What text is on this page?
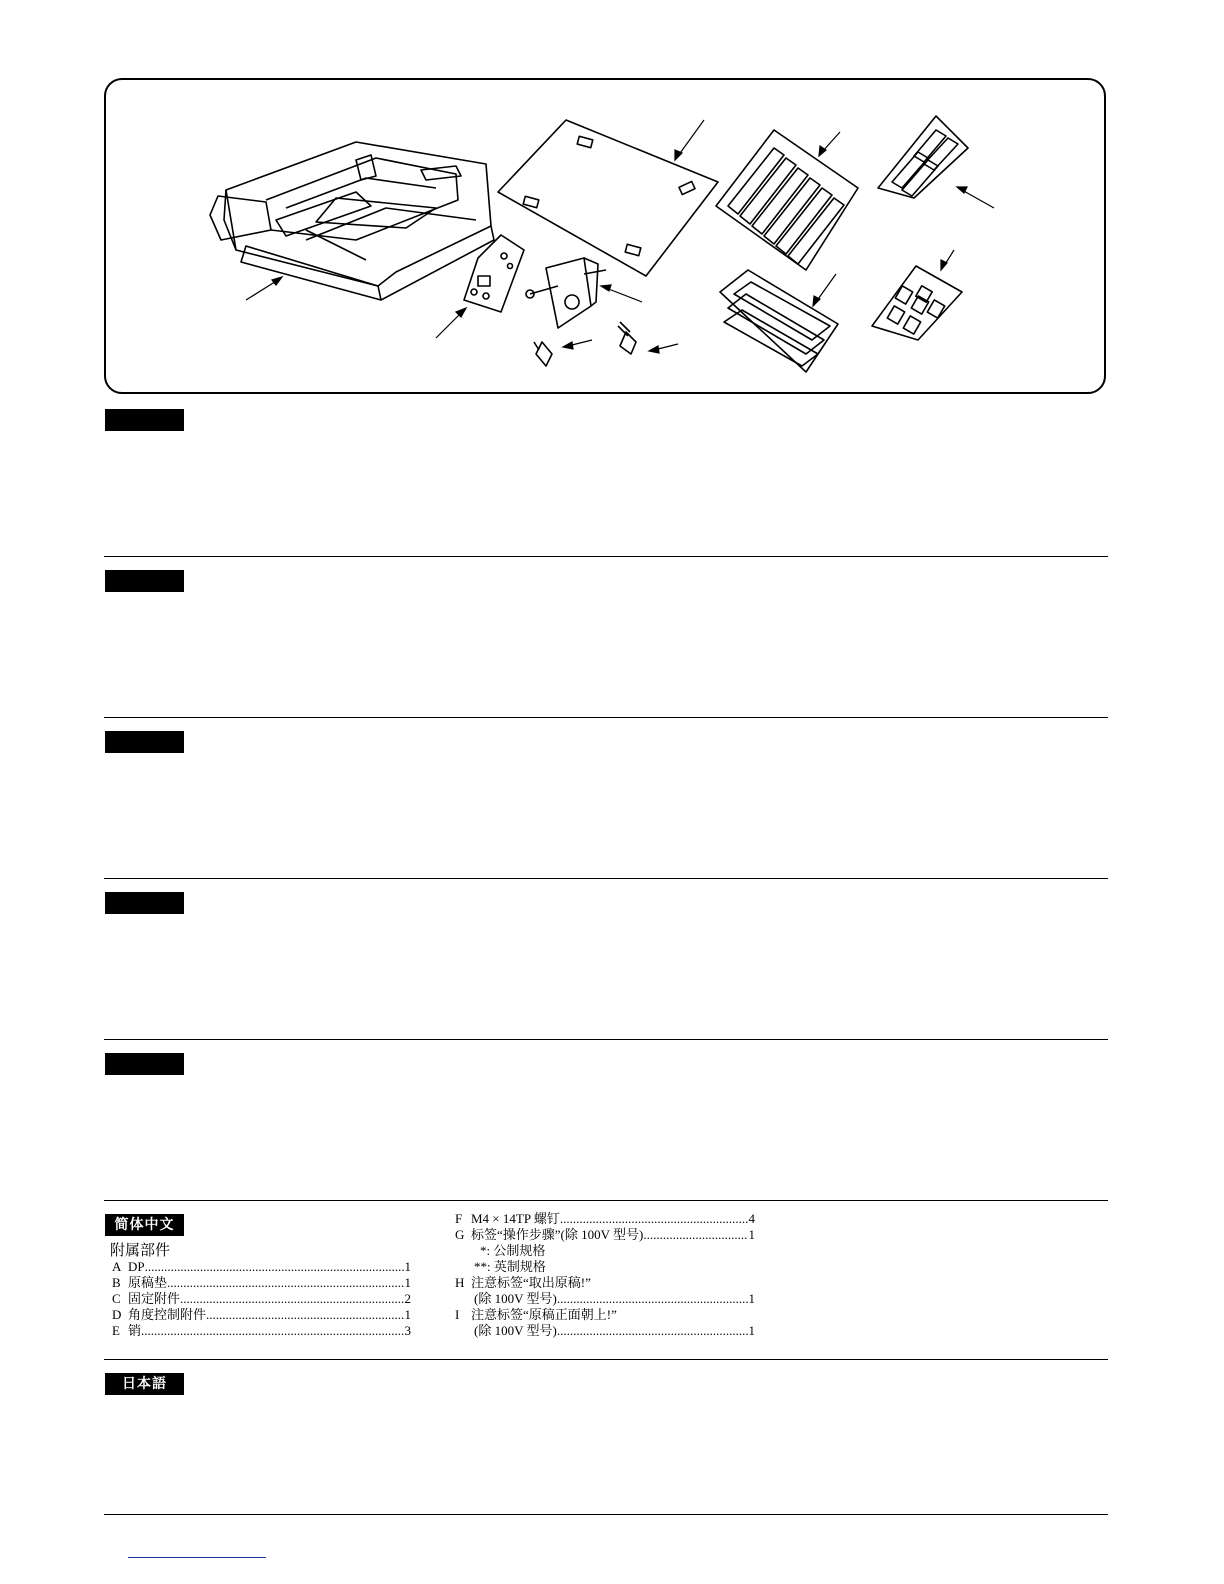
简体中文
附属部件
A DP .....	1
B 原稿垫 .....	1
C 固定附件 .....	2
D 角度控制附件 .....	1
E 销 .....	3
F M4 × 14TP 螺钉 .....	4
G 标签“操作步骤”(除 100V 型号) .....	1
*: 公制规格
**: 英制规格
H 注意标签“取出原稿!”
(除 100V 型号) .....	1
I 注意标签“原稿正面朝上!”
(除 100V 型号) .....	1
日本語
